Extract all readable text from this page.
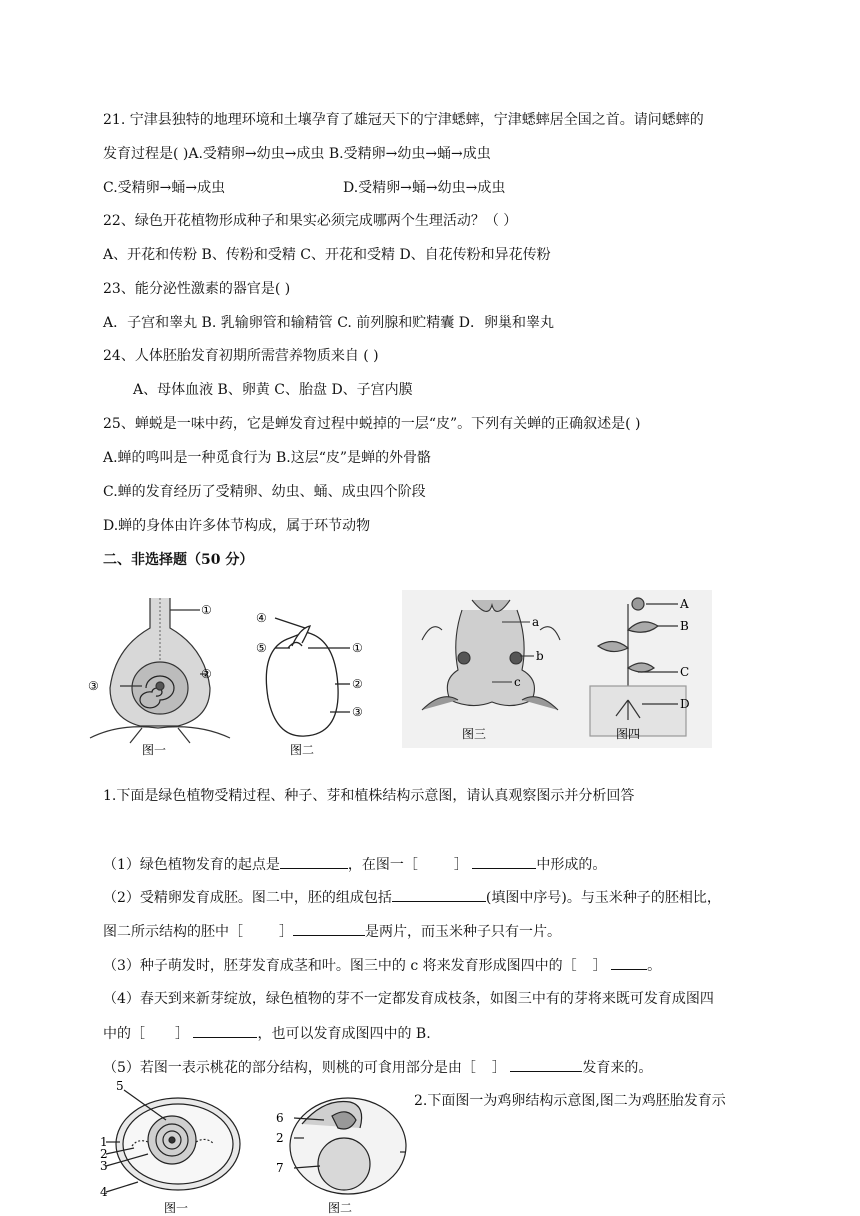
21. 宁津县独特的地理环境和土壤孕育了雄冠天下的宁津蟋蟀，宁津蟋蟀居全国之首。请问蟋蟀的
发育过程是( )A.受精卵→幼虫→成虫 B.受精卵→幼虫→蛹→成虫
C.受精卵→蛹→成虫	D.受精卵→蛹→幼虫→成虫
22、绿色开花植物形成种子和果实必须完成哪两个生理活动？（ ）
A、开花和传粉 B、传粉和受精 C、开花和受精 D、自花传粉和异花传粉
23、能分泌性激素的器官是( )
A．子宫和睾丸 B. 乳输卵管和输精管 C. 前列腺和贮精囊 D．卵巢和睾丸
24、人体胚胎发育初期所需营养物质来自 ( )
A、母体血液 B、卵黄 C、胎盘 D、子宫内膜
25、蝉蜕是一味中药，它是蝉发育过程中蜕掉的一层“皮”。下列有关蝉的正确叙述是( )
A.蝉的鸣叫是一种觅食行为 B.这层“皮”是蝉的外骨骼
C.蝉的发育经历了受精卵、幼虫、蛹、成虫四个阶段
D.蝉的身体由许多体节构成，属于环节动物
二、非选择题（50 分）
①
②
③
图一
④
⑤	①
②
③
图二
a
b
c
图三
A
B
C
D
图四
1.下面是绿色植物受精过程、种子、芽和植株结构示意图，请认真观察图示并分析回答
（1）绿色植物发育的起点是	，在图一［	］	中形成的。
（2）受精卵发育成胚。图二中，胚的组成包括	(填图中序号)。与玉米种子的胚相比，
图二所示结构的胚中［	］	是两片，而玉米种子只有一片。
（3）种子萌发时，胚芽发育成茎和叶。图三中的 c 将来发育形成图四中的［ ］	。
（4）春天到来新芽绽放，绿色植物的芽不一定都发育成枝条，如图三中有的芽将来既可发育成图四
中的［ ］	，也可以发育成图四中的 B.
（5）若图一表示桃花的部分结构，则桃的可食用部分是由［ ］	发育来的。
5
1
2
3
4
图一
6
2
7
图二
2.下面图一为鸡卵结构示意图,图二为鸡胚胎发育示
